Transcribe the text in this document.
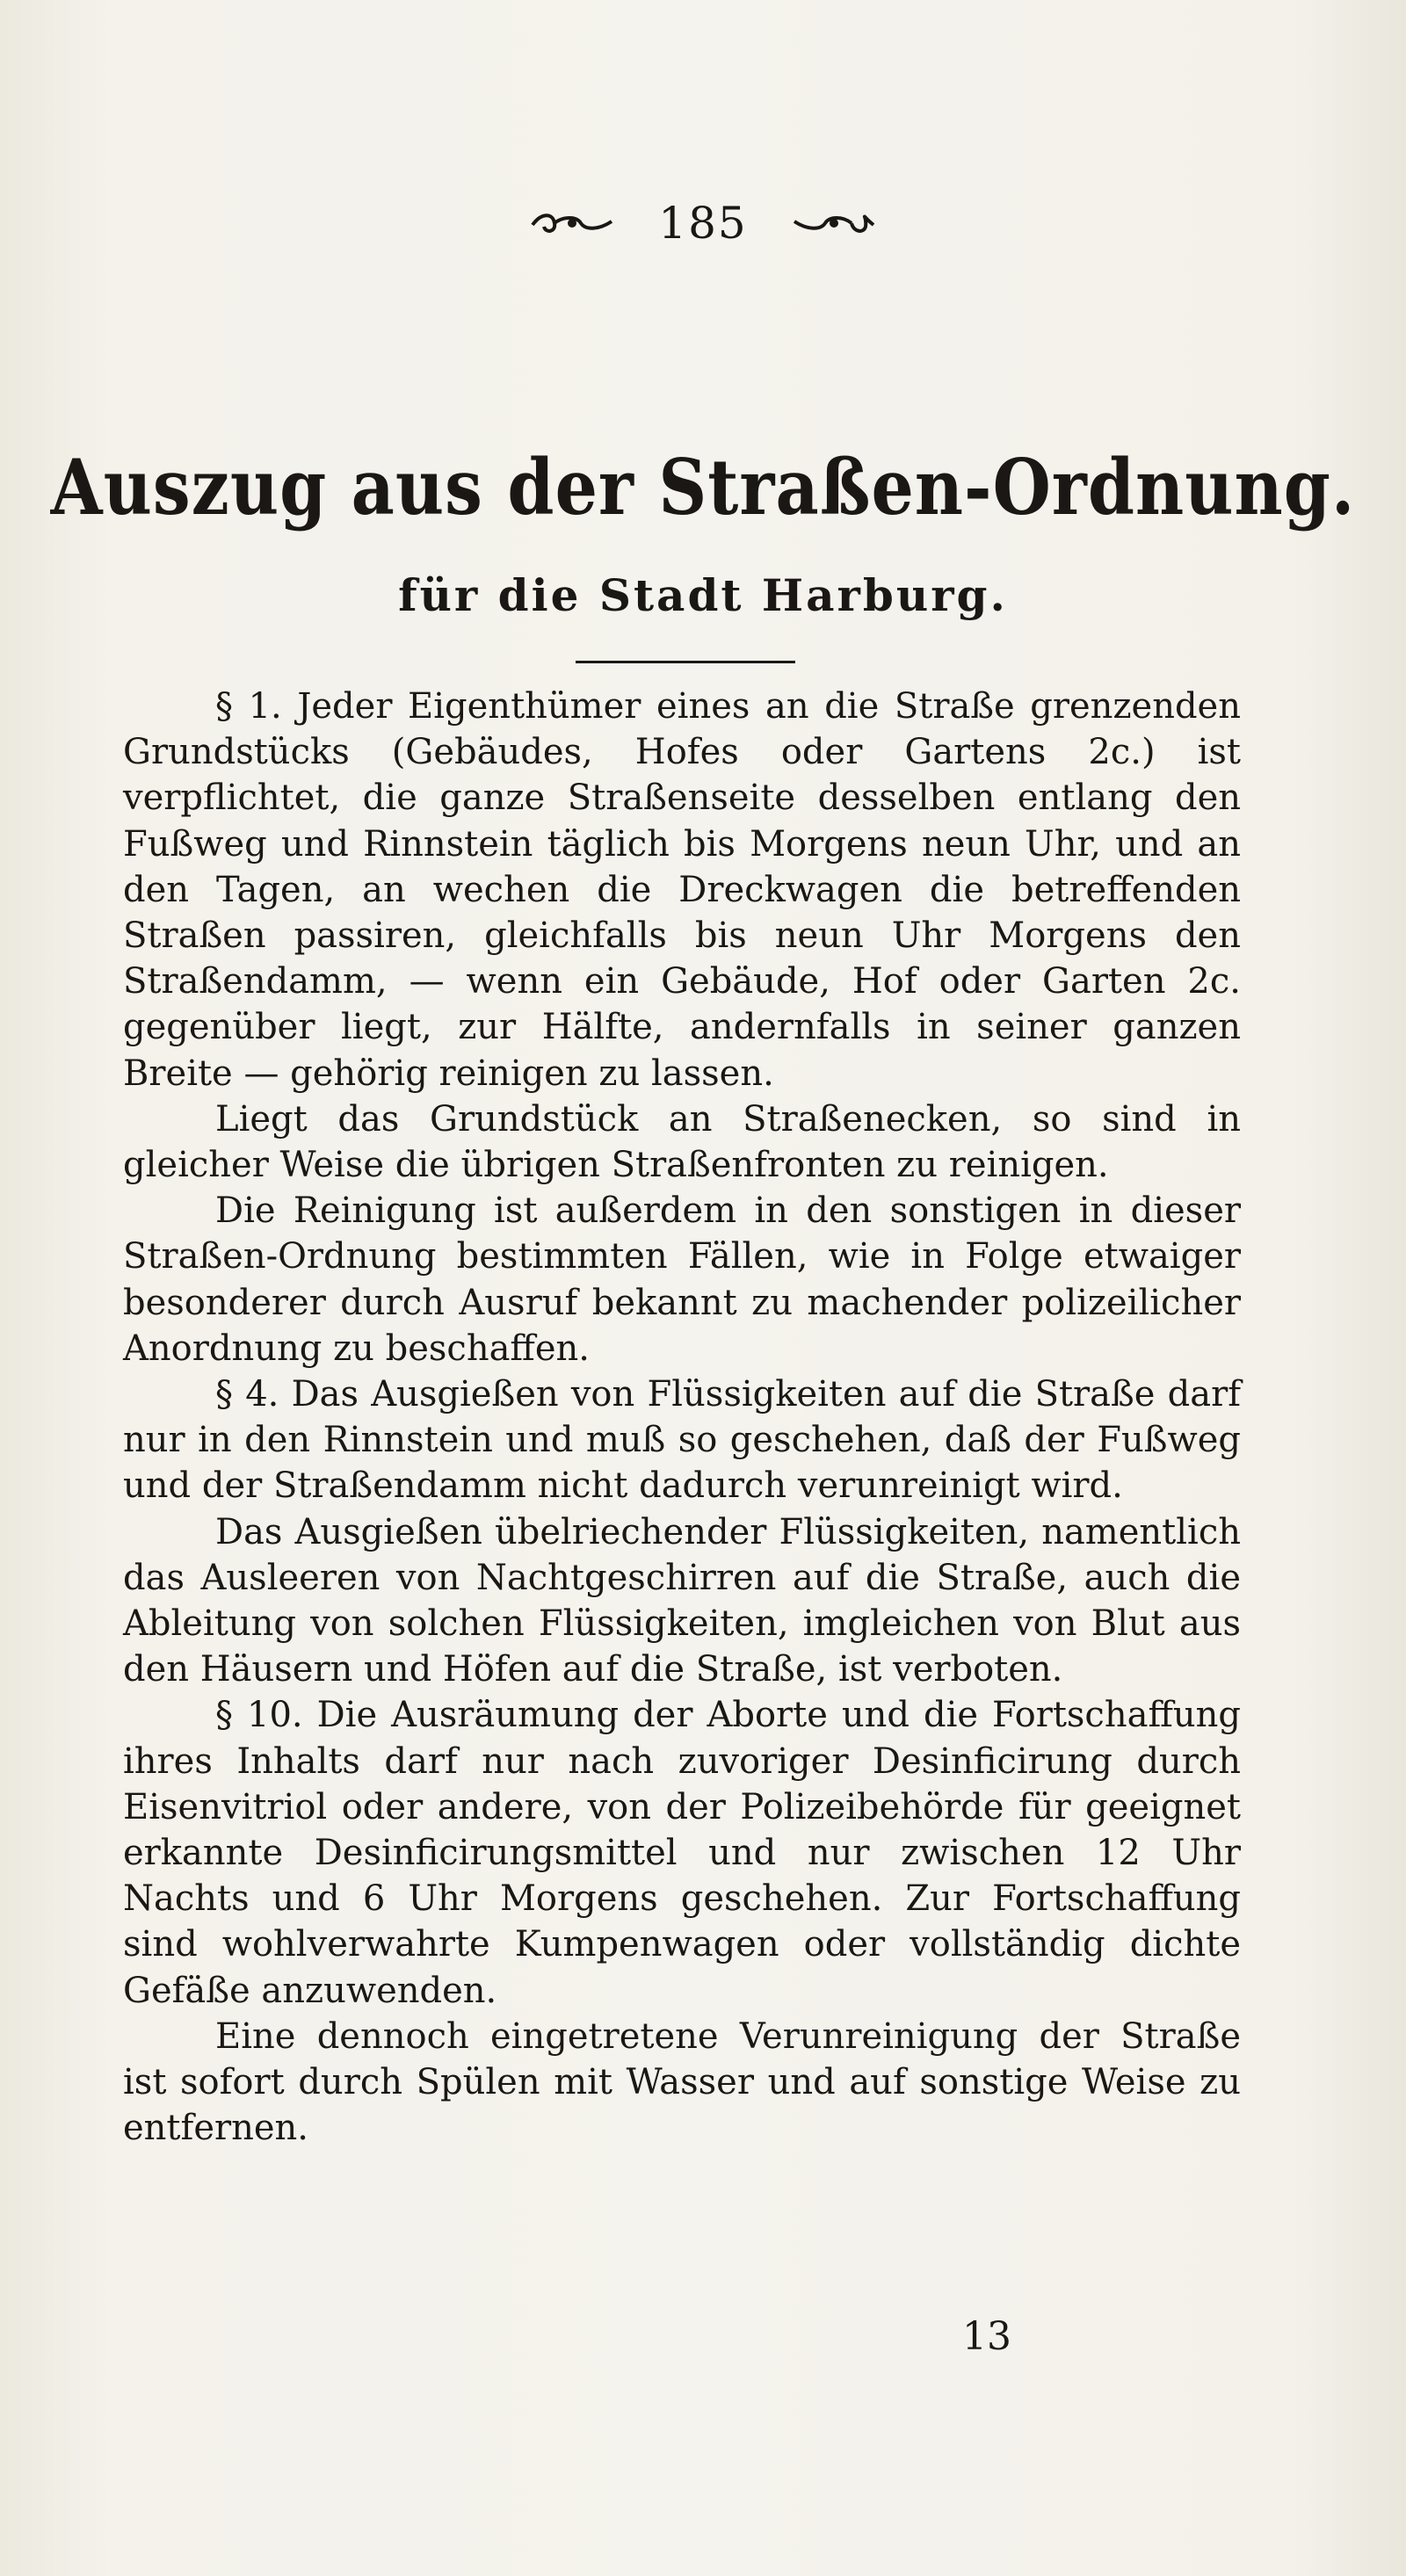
185
Auszug aus der Straßen-Ordnung.
für die Stadt Harburg.

§ 1. Jeder Eigenthümer eines an die Straße grenzenden Grundstücks (Gebäudes, Hofes oder Gartens 2c.) ist verpflichtet, die ganze Straßenseite desselben entlang den Fußweg und Rinnstein täglich bis Morgens neun Uhr, und an den Tagen, an wechen die Dreckwagen die betreffenden Straßen passiren, gleichfalls bis neun Uhr Morgens den Straßendamm, — wenn ein Gebäude, Hof oder Garten 2c. gegenüber liegt, zur Hälfte, andernfalls in seiner ganzen Breite — gehörig reinigen zu lassen.

Liegt das Grundstück an Straßenecken, so sind in gleicher Weise die übrigen Straßenfronten zu reinigen.

Die Reinigung ist außerdem in den sonstigen in dieser Straßen-Ordnung bestimmten Fällen, wie in Folge etwaiger besonderer durch Ausruf bekannt zu machender polizeilicher Anordnung zu beschaffen.

§ 4. Das Ausgießen von Flüssigkeiten auf die Straße darf nur in den Rinnstein und muß so geschehen, daß der Fußweg und der Straßendamm nicht dadurch verunreinigt wird.

Das Ausgießen übelriechender Flüssigkeiten, namentlich das Ausleeren von Nachtgeschirren auf die Straße, auch die Ableitung von solchen Flüssigkeiten, imgleichen von Blut aus den Häusern und Höfen auf die Straße, ist verboten.

§ 10. Die Ausräumung der Aborte und die Fortschaffung ihres Inhalts darf nur nach zuvoriger Desinficirung durch Eisenvitriol oder andere, von der Polizeibehörde für geeignet erkannte Desinficirungsmittel und nur zwischen 12 Uhr Nachts und 6 Uhr Morgens geschehen. Zur Fortschaffung sind wohlverwahrte Kumpenwagen oder vollständig dichte Gefäße anzuwenden.

Eine dennoch eingetretene Verunreinigung der Straße ist sofort durch Spülen mit Wasser und auf sonstige Weise zu entfernen.

13
